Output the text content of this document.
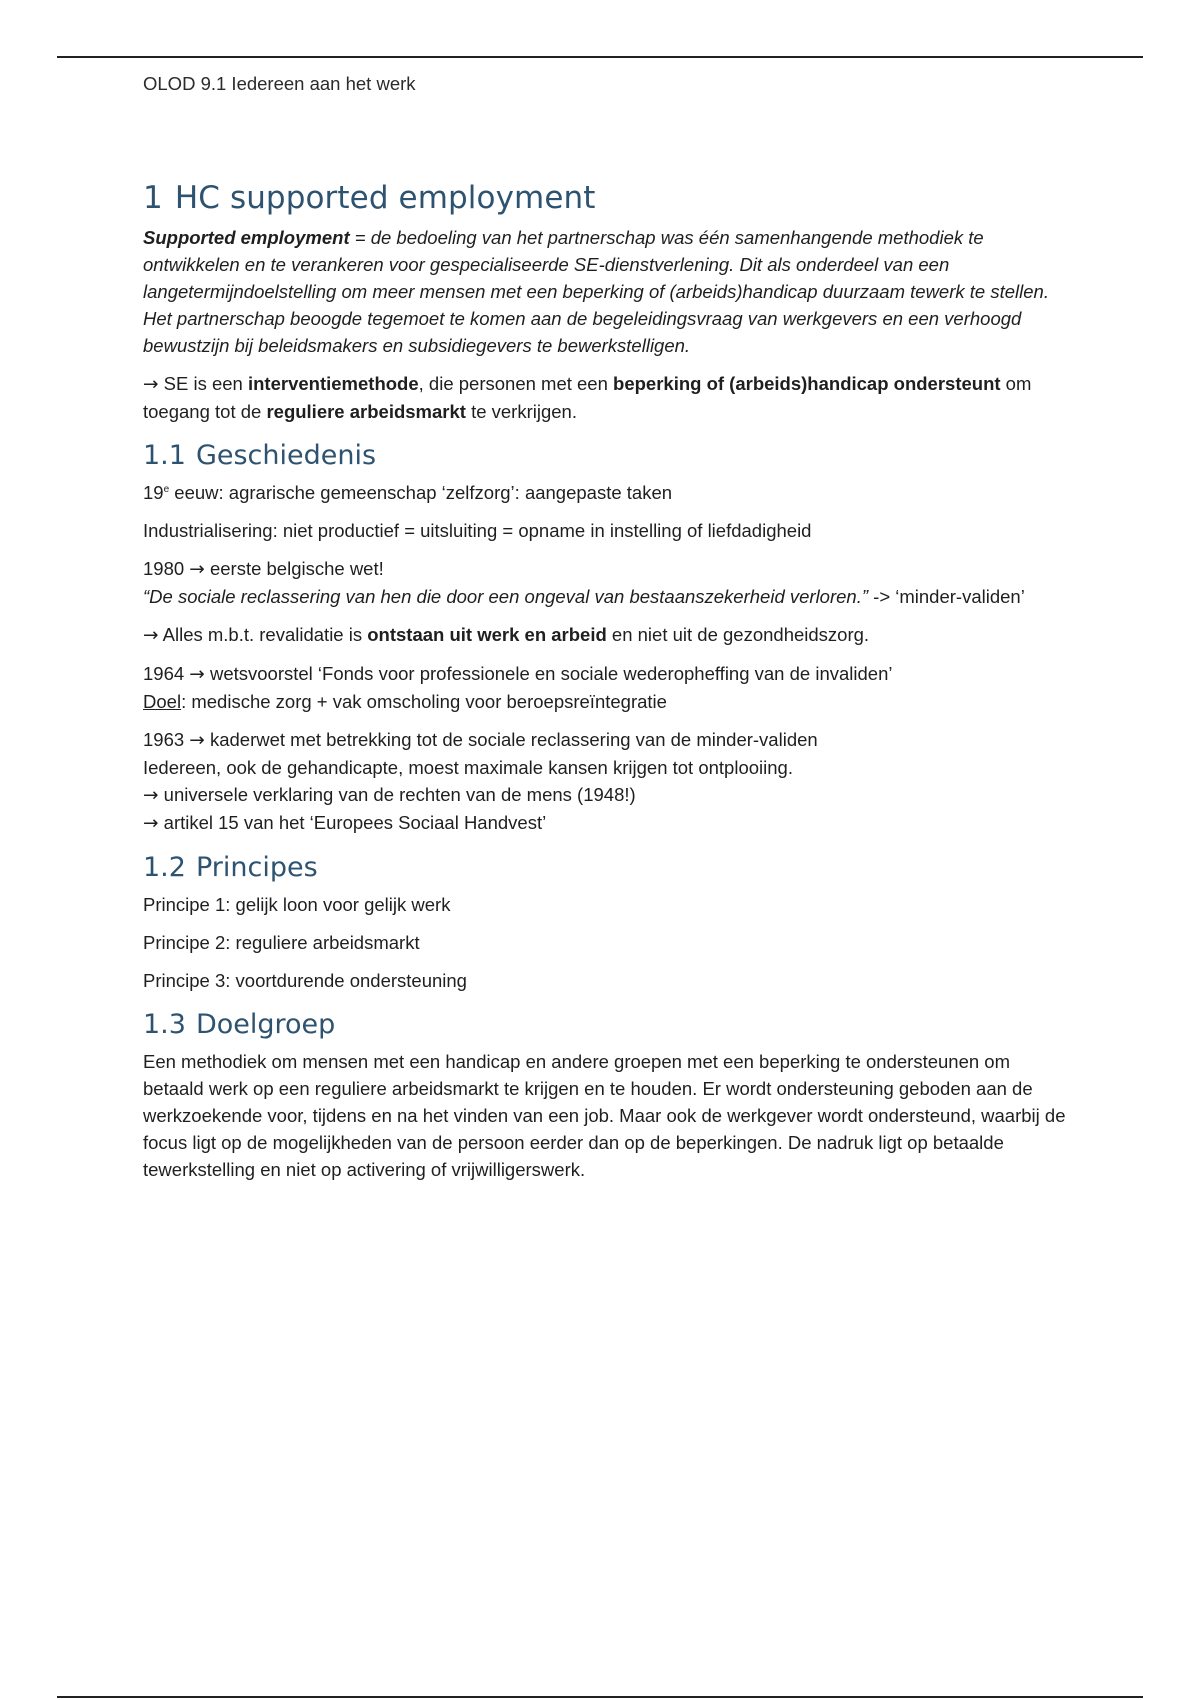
OLOD 9.1 Iedereen aan het werk

1 HC supported employment

Supported employment = de bedoeling van het partnerschap was één samenhangende methodiek te ontwikkelen en te verankeren voor gespecialiseerde SE-dienstverlening. Dit als onderdeel van een langetermijndoelstelling om meer mensen met een beperking of (arbeids)handicap duurzaam tewerk te stellen. Het partnerschap beoogde tegemoet te komen aan de begeleidingsvraag van werkgevers en een verhoogd bewustzijn bij beleidsmakers en subsidiegevers te bewerkstelligen.

→ SE is een interventiemethode, die personen met een beperking of (arbeids)handicap ondersteunt om toegang tot de reguliere arbeidsmarkt te verkrijgen.

1.1 Geschiedenis

19e eeuw: agrarische gemeenschap ‘zelfzorg’: aangepaste taken

Industrialisering: niet productief = uitsluiting = opname in instelling of liefdadigheid

1980 → eerste belgische wet!
“De sociale reclassering van hen die door een ongeval van bestaanszekerheid verloren.” -> ‘minder-validen’

→ Alles m.b.t. revalidatie is ontstaan uit werk en arbeid en niet uit de gezondheidszorg.

1964 → wetsvoorstel ‘Fonds voor professionele en sociale wederopheffing van de invaliden’
Doel: medische zorg + vak omscholing voor beroepsreïntegratie

1963 → kaderwet met betrekking tot de sociale reclassering van de minder-validen
Iedereen, ook de gehandicapte, moest maximale kansen krijgen tot ontplooiing.
→ universele verklaring van de rechten van de mens (1948!)
→ artikel 15 van het ‘Europees Sociaal Handvest’

1.2 Principes

Principe 1: gelijk loon voor gelijk werk

Principe 2: reguliere arbeidsmarkt

Principe 3: voortdurende ondersteuning

1.3 Doelgroep

Een methodiek om mensen met een handicap en andere groepen met een beperking te ondersteunen om betaald werk op een reguliere arbeidsmarkt te krijgen en te houden. Er wordt ondersteuning geboden aan de werkzoekende voor, tijdens en na het vinden van een job. Maar ook de werkgever wordt ondersteund, waarbij de focus ligt op de mogelijkheden van de persoon eerder dan op de beperkingen. De nadruk ligt op betaalde tewerkstelling en niet op activering of vrijwilligerswerk.
